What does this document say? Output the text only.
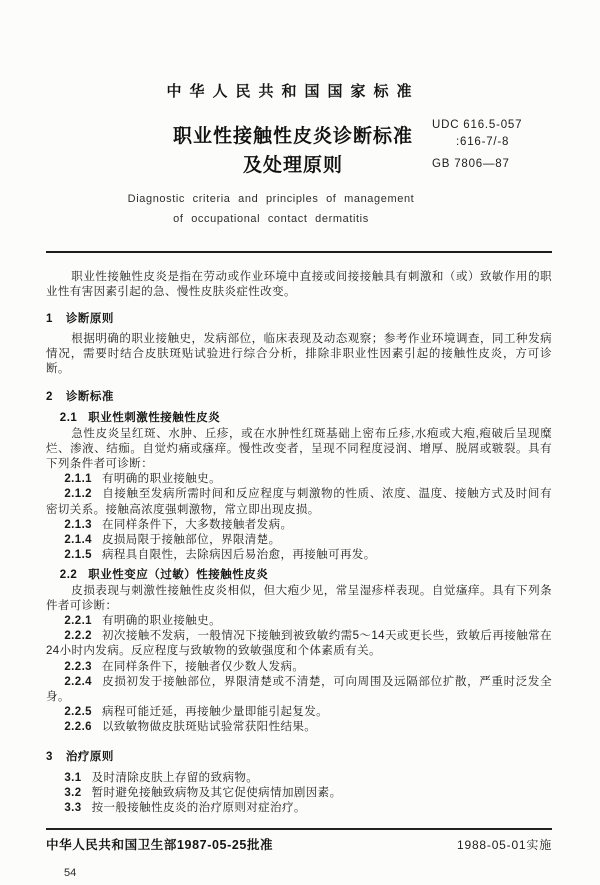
中华人民共和国国家标准
职业性接触性皮炎诊断标准
及处理原则
UDC 616.5-057
:616-7/-8
GB 7806—87
Diagnostic criteria and principles of management
of occupational contact dermatitis

职业性接触性皮炎是指在劳动或作业环境中直接或间接接触具有刺激和（或）致敏作用的职业性有害因素引起的急、慢性皮肤炎症性改变。

1 诊断原则

根据明确的职业接触史，发病部位，临床表现及动态观察；参考作业环境调查，同工种发病情况，需要时结合皮肤斑贴试验进行综合分析，排除非职业性因素引起的接触性皮炎，方可诊断。

2 诊断标准
2.1 职业性刺激性接触性皮炎

急性皮炎呈红斑、水肿、丘疹，或在水肿性红斑基础上密布丘疹,水疱或大疱,疱破后呈现糜烂、渗液、结痂。自觉灼痛或瘙痒。慢性改变者，呈现不同程度浸润、增厚、脱屑或皲裂。具有下列条件者可诊断：

2.1.1 有明确的职业接触史。

2.1.2 自接触至发病所需时间和反应程度与刺激物的性质、浓度、温度、接触方式及时间有密切关系。接触高浓度强刺激物，常立即出现皮损。

2.1.3 在同样条件下，大多数接触者发病。

2.1.4 皮损局限于接触部位，界限清楚。

2.1.5 病程具自限性，去除病因后易治愈，再接触可再发。

2.2 职业性变应（过敏）性接触性皮炎

皮损表现与刺激性接触性皮炎相似，但大疱少见，常呈湿疹样表现。自觉瘙痒。具有下列条件者可诊断：

2.2.1 有明确的职业接触史。

2.2.2 初次接触不发病，一般情况下接触到被致敏约需5～14天或更长些，致敏后再接触常在24小时内发病。反应程度与致敏物的致敏强度和个体素质有关。

2.2.3 在同样条件下，接触者仅少数人发病。

2.2.4 皮损初发于接触部位，界限清楚或不清楚，可向周围及远隔部位扩散，严重时泛发全身。

2.2.5 病程可能迁延，再接触少量即能引起复发。

2.2.6 以致敏物做皮肤斑贴试验常获阳性结果。

3 治疗原则

3.1 及时清除皮肤上存留的致病物。

3.2 暂时避免接触致病物及其它促使病情加剧因素。

3.3 按一般接触性皮炎的治疗原则对症治疗。

中华人民共和国卫生部1987-05-25批准	1988-05-01实施
54
